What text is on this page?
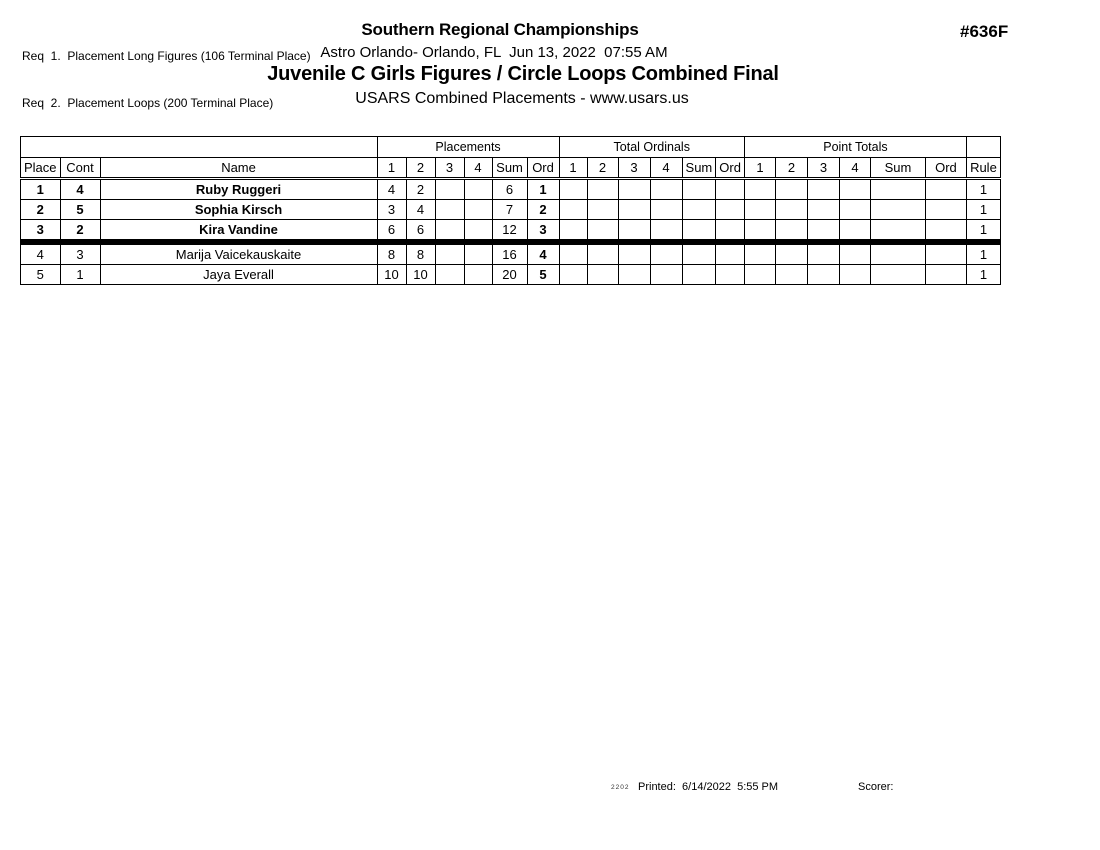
Req  1.  Placement Long Figures (106 Terminal Place)

Req  2.  Placement Loops (200 Terminal Place)

Southern Regional Championships
Astro Orlando- Orlando, FL  Jun 13, 2022  07:55 AM
Juvenile C Girls Figures / Circle Loops Combined Final
USARS Combined Placements - www.usars.us
#636F
			Placements						Total Ordinals						Point Totals						
Place	Cont	Name	1	2	3	4	Sum	Ord	1	2	3	4	Sum	Ord	1	2	3	4	Sum	Ord	Rule
1	4	Ruby Ruggeri	4	2			6	1													1
2	5	Sophia Kirsch	3	4			7	2													1
3	2	Kira Vandine	6	6			12	3													1
4	3	Marija Vaicekauskaite	8	8			16	4													1
5	1	Jaya Everall	10	10			20	5													1
2202 Printed: 6/14/2022  5:55 PM	Scorer:
